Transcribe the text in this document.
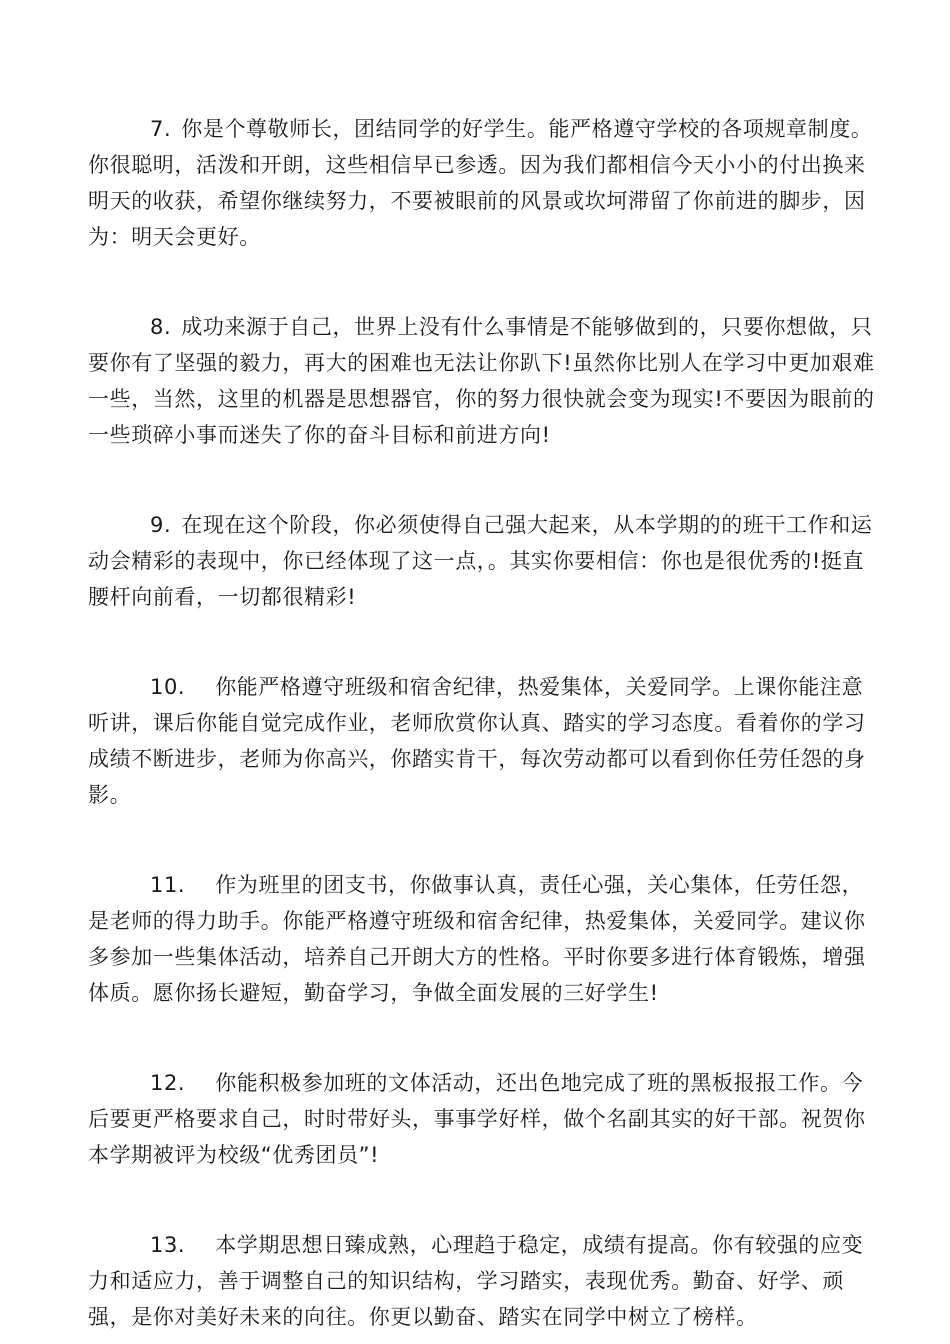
7. 你是个尊敬师长，团结同学的好学生。能严格遵守学校的各项规章制度。你很聪明，活泼和开朗，这些相信早已参透。因为我们都相信今天小小的付出换来明天的收获，希望你继续努力，不要被眼前的风景或坎坷滞留了你前进的脚步，因为：明天会更好。

8. 成功来源于自己，世界上没有什么事情是不能够做到的，只要你想做，只要你有了坚强的毅力，再大的困难也无法让你趴下!虽然你比别人在学习中更加艰难一些，当然，这里的机器是思想器官，你的努力很快就会变为现实!不要因为眼前的一些琐碎小事而迷失了你的奋斗目标和前进方向!

9. 在现在这个阶段，你必须使得自己强大起来，从本学期的的班干工作和运动会精彩的表现中，你已经体现了这一点，。其实你要相信：你也是很优秀的!挺直腰杆向前看，一切都很精彩!

10. 你能严格遵守班级和宿舍纪律，热爱集体，关爱同学。上课你能注意听讲，课后你能自觉完成作业，老师欣赏你认真、踏实的学习态度。看着你的学习成绩不断进步，老师为你高兴，你踏实肯干，每次劳动都可以看到你任劳任怨的身影。

11. 作为班里的团支书，你做事认真，责任心强，关心集体，任劳任怨，是老师的得力助手。你能严格遵守班级和宿舍纪律，热爱集体，关爱同学。建议你多参加一些集体活动，培养自己开朗大方的性格。平时你要多进行体育锻炼，增强体质。愿你扬长避短，勤奋学习，争做全面发展的三好学生!

12. 你能积极参加班的文体活动，还出色地完成了班的黑板报报工作。今后要更严格要求自己，时时带好头，事事学好样，做个名副其实的好干部。祝贺你本学期被评为校级“优秀团员”!

13. 本学期思想日臻成熟，心理趋于稳定，成绩有提高。你有较强的应变力和适应力，善于调整自己的知识结构，学习踏实，表现优秀。勤奋、好学、顽强，是你对美好未来的向往。你更以勤奋、踏实在同学中树立了榜样。
